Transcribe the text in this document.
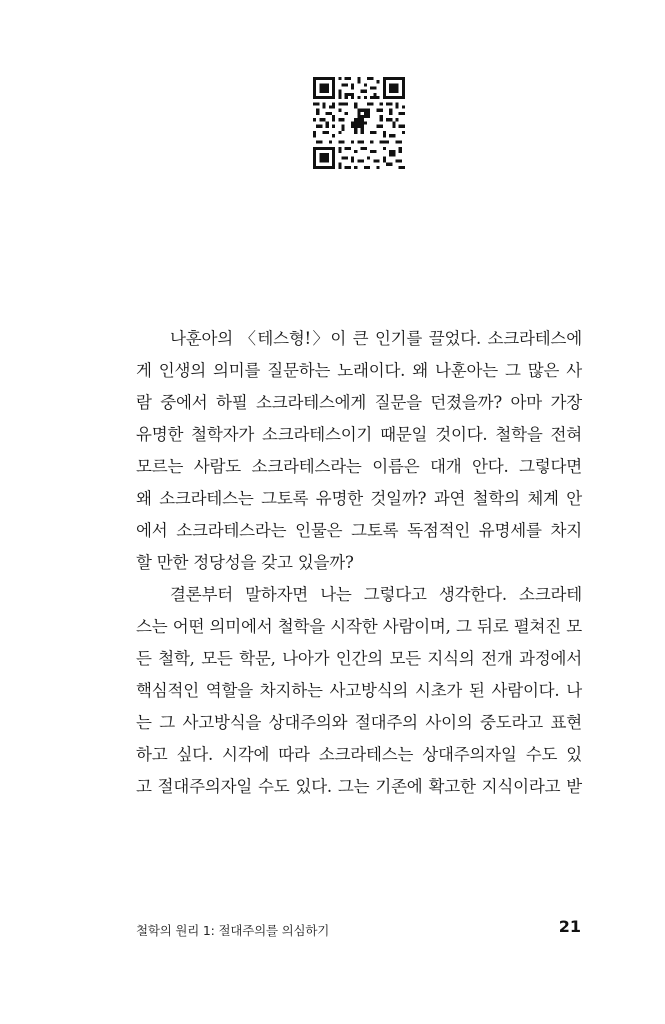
나훈아의 〈테스형!〉이 큰 인기를 끌었다. 소크라테스에
게 인생의 의미를 질문하는 노래이다. 왜 나훈아는 그 많은 사
람 중에서 하필 소크라테스에게 질문을 던졌을까? 아마 가장
유명한 철학자가 소크라테스이기 때문일 것이다. 철학을 전혀
모르는 사람도 소크라테스라는 이름은 대개 안다. 그렇다면
왜 소크라테스는 그토록 유명한 것일까? 과연 철학의 체계 안
에서 소크라테스라는 인물은 그토록 독점적인 유명세를 차지
할 만한 정당성을 갖고 있을까?

결론부터 말하자면 나는 그렇다고 생각한다. 소크라테
스는 어떤 의미에서 철학을 시작한 사람이며, 그 뒤로 펼쳐진 모
든 철학, 모든 학문, 나아가 인간의 모든 지식의 전개 과정에서
핵심적인 역할을 차지하는 사고방식의 시초가 된 사람이다. 나
는 그 사고방식을 상대주의와 절대주의 사이의 중도라고 표현
하고 싶다. 시각에 따라 소크라테스는 상대주의자일 수도 있
고 절대주의자일 수도 있다. 그는 기존에 확고한 지식이라고 받

철학의 원리 1: 절대주의를 의심하기	21
